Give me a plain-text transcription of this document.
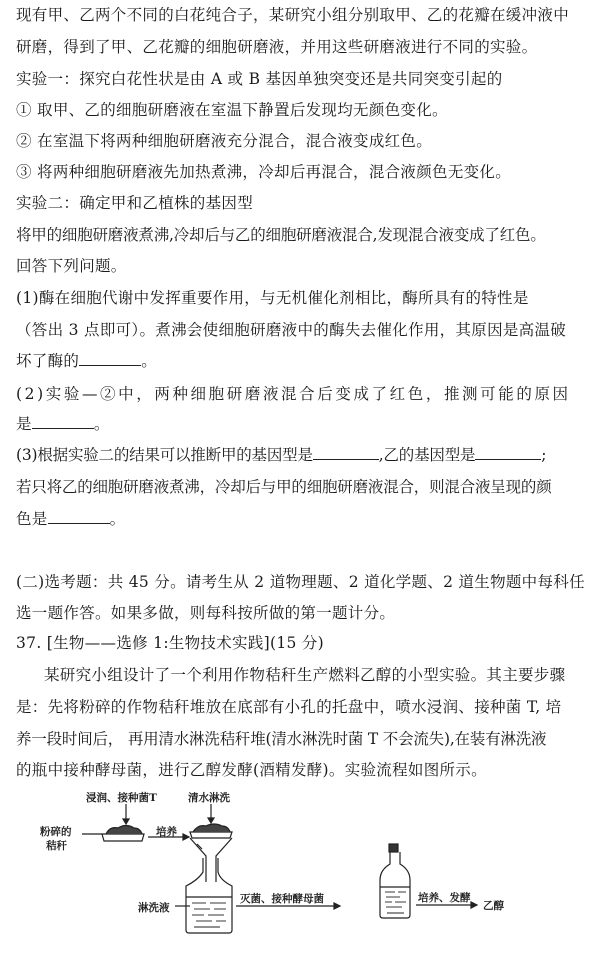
现有甲、乙两个不同的白花纯合子，某研究小组分别取甲、乙的花瓣在缓冲液中
研磨，得到了甲、乙花瓣的细胞研磨液，并用这些研磨液进行不同的实验。
实验一：探究白花性状是由 A 或 B 基因单独突变还是共同突变引起的
① 取甲、乙的细胞研磨液在室温下静置后发现均无颜色变化。
② 在室温下将两种细胞研磨液充分混合，混合液变成红色。
③ 将两种细胞研磨液先加热煮沸，冷却后再混合，混合液颜色无变化。
实验二：确定甲和乙植株的基因型
将甲的细胞研磨液煮沸,冷却后与乙的细胞研磨液混合,发现混合液变成了红色。
回答下列问题。
(1)酶在细胞代谢中发挥重要作用，与无机催化剂相比，酶所具有的特性是
（答出 3 点即可）。煮沸会使细胞研磨液中的酶失去催化作用，其原因是高温破
坏了酶的	。
(2)实验—②中，两种细胞研磨液混合后变成了红色，推测可能的原因
是	。
(3)根据实验二的结果可以推断甲的基因型是	,乙的基因型是	;
若只将乙的细胞研磨液煮沸，冷却后与甲的细胞研磨液混合，则混合液呈现的颜
色是	。
(二)选考题：共 45 分。请考生从 2 道物理题、2 道化学题、2 道生物题中每科任
选一题作答。如果多做，则每科按所做的第一题计分。
37. [生物——选修 1:生物技术实践](15 分)
某研究小组设计了一个利用作物秸秆生产燃料乙醇的小型实验。其主要步骤
是：先将粉碎的作物秸秆堆放在底部有小孔的托盘中，喷水浸润、接种菌 T, 培
养一段时间后， 再用清水淋洗秸秆堆(清水淋洗时菌 T 不会流失),在装有淋洗液
的瓶中接种酵母菌，进行乙醇发酵(酒精发酵)。实验流程如图所示。
浸润、接种菌T	清水淋洗
粉碎的
秸秆
培养
淋洗液
灭菌、接种酵母菌	培养、发酵
乙醇
